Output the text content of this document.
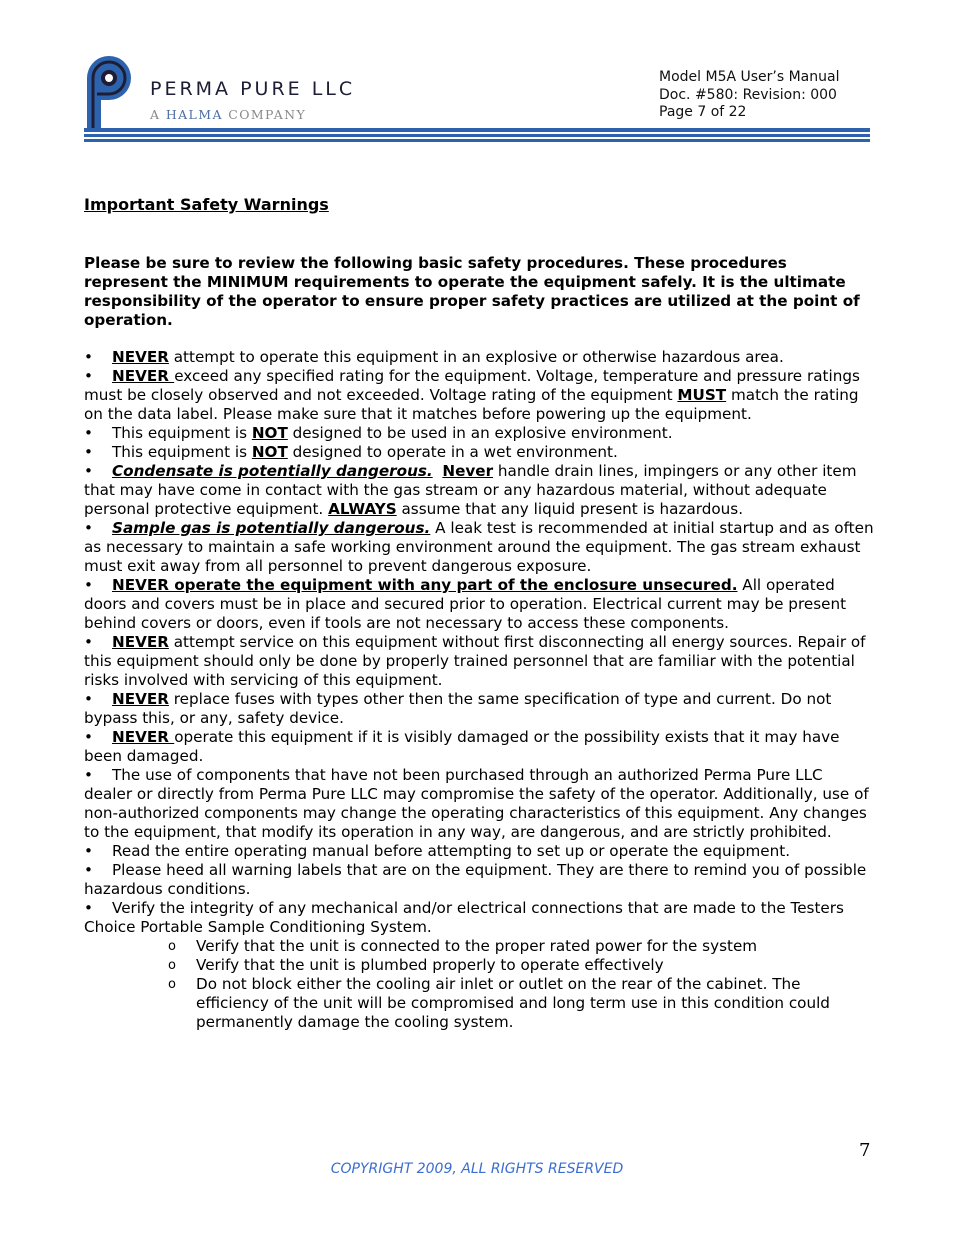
PERMA PURE LLC
A HALMA COMPANY
Model M5A User’s Manual
Doc. #580: Revision: 000
Page 7 of 22
Important Safety Warnings
Please be sure to review the following basic safety procedures. These procedures represent the MINIMUM requirements to operate the equipment safely. It is the ultimate responsibility of the operator to ensure proper safety practices are utilized at the point of operation.

• NEVER attempt to operate this equipment in an explosive or otherwise hazardous area.

• NEVER exceed any specified rating for the equipment. Voltage, temperature and pressure ratings must be closely observed and not exceeded. Voltage rating of the equipment MUST match the rating on the data label. Please make sure that it matches before powering up the equipment.

• This equipment is NOT designed to be used in an explosive environment.

• This equipment is NOT designed to operate in a wet environment.

• Condensate is potentially dangerous. Never handle drain lines, impingers or any other item that may have come in contact with the gas stream or any hazardous material, without adequate personal protective equipment. ALWAYS assume that any liquid present is hazardous.

• Sample gas is potentially dangerous. A leak test is recommended at initial startup and as often as necessary to maintain a safe working environment around the equipment. The gas stream exhaust must exit away from all personnel to prevent dangerous exposure.

• NEVER operate the equipment with any part of the enclosure unsecured. All operated doors and covers must be in place and secured prior to operation. Electrical current may be present behind covers or doors, even if tools are not necessary to access these components.

• NEVER attempt service on this equipment without first disconnecting all energy sources. Repair of this equipment should only be done by properly trained personnel that are familiar with the potential risks involved with servicing of this equipment.

• NEVER replace fuses with types other then the same specification of type and current. Do not bypass this, or any, safety device.

• NEVER operate this equipment if it is visibly damaged or the possibility exists that it may have been damaged.

• The use of components that have not been purchased through an authorized Perma Pure LLC dealer or directly from Perma Pure LLC may compromise the safety of the operator. Additionally, use of non-authorized components may change the operating characteristics of this equipment. Any changes to the equipment, that modify its operation in any way, are dangerous, and are strictly prohibited.

• Read the entire operating manual before attempting to set up or operate the equipment.

• Please heed all warning labels that are on the equipment. They are there to remind you of possible hazardous conditions.

• Verify the integrity of any mechanical and/or electrical connections that are made to the Testers Choice Portable Sample Conditioning System.

o Verify that the unit is connected to the proper rated power for the system
o Verify that the unit is plumbed properly to operate effectively
o Do not block either the cooling air inlet or outlet on the rear of the cabinet. The efficiency of the unit will be compromised and long term use in this condition could permanently damage the cooling system.
7
COPYRIGHT 2009, ALL RIGHTS RESERVED
